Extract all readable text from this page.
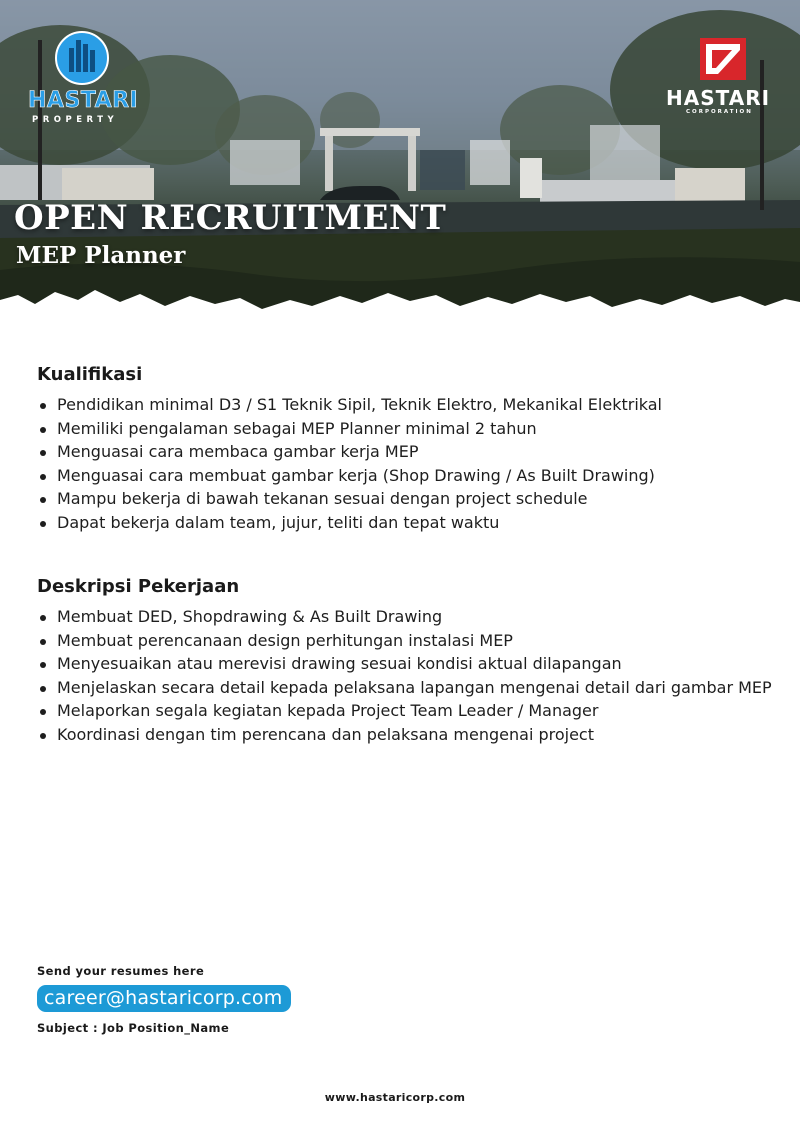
HASTARI
PROPERTY
HASTARI
CORPORATION
OPEN RECRUITMENT
MEP Planner
Kualifikasi
Pendidikan minimal D3 / S1 Teknik Sipil, Teknik Elektro, Mekanikal Elektrikal
Memiliki pengalaman sebagai MEP Planner minimal 2 tahun
Menguasai cara membaca gambar kerja MEP
Menguasai cara membuat gambar kerja (Shop Drawing / As Built Drawing)
Mampu bekerja di bawah tekanan sesuai dengan project schedule
Dapat bekerja dalam team, jujur, teliti dan tepat waktu
Deskripsi Pekerjaan
Membuat DED, Shopdrawing & As Built Drawing
Membuat perencanaan design perhitungan instalasi MEP
Menyesuaikan atau merevisi drawing sesuai kondisi aktual dilapangan
Menjelaskan secara detail kepada pelaksana lapangan mengenai detail dari gambar MEP
Melaporkan segala kegiatan kepada Project Team Leader / Manager
Koordinasi dengan tim perencana dan pelaksana mengenai project
Send your resumes here
career@hastaricorp.com
Subject : Job Position_Name
www.hastaricorp.com
